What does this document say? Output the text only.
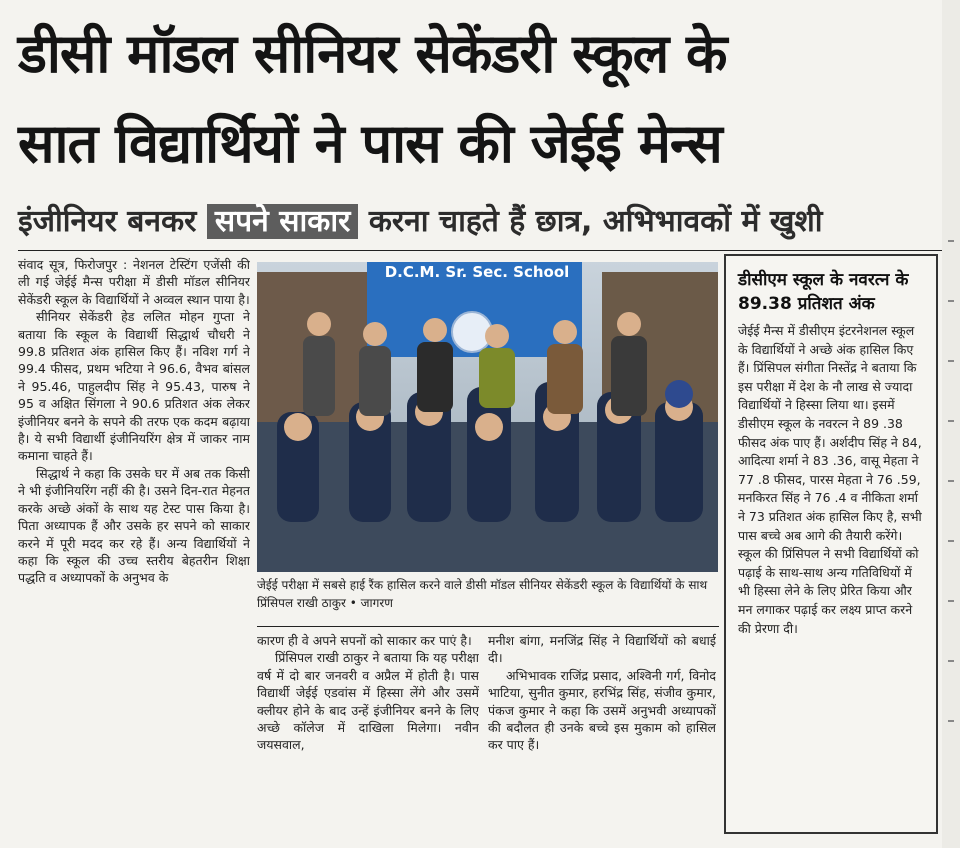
डीसी मॉडल सीनियर सेकेंडरी स्कूल के
सात विद्यार्थियों ने पास की जेईई मेन्स
इंजीनियर बनकर सपने साकार करना चाहते हैं छात्र, अभिभावकों में खुशी

संवाद सूत्र, फिरोजपुर : नेशनल टेस्टिंग एजेंसी की ली गई जेईई मैन्स परीक्षा में डीसी मॉडल सीनियर सेकेंडरी स्कूल के विद्यार्थियों ने अव्वल स्थान पाया है।

सीनियर सेकेंडरी हेड ललित मोहन गुप्ता ने बताया कि स्कूल के विद्यार्थी सिद्धार्थ चौधरी ने 99.8 प्रतिशत अंक हासिल किए हैं। नविश गर्ग ने 99.4 फीसद, प्रथम भटिया ने 96.6, वैभव बांसल ने 95.46, पाहुलदीप सिंह ने 95.43, पारुष ने 95 व अक्षित सिंगला ने 90.6 प्रतिशत अंक लेकर इंजीनियर बनने के सपने की तरफ एक कदम बढ़ाया है। ये सभी विद्यार्थी इंजीनियरिंग क्षेत्र में जाकर नाम कमाना चाहते हैं।

सिद्धार्थ ने कहा कि उसके घर में अब तक किसी ने भी इंजीनियरिंग नहीं की है। उसने दिन-रात मेहनत करके अच्छे अंकों के साथ यह टेस्ट पास किया है। पिता अध्यापक हैं और उसके हर सपने को साकार करने में पूरी मदद कर रहे हैं। अन्य विद्यार्थियों ने कहा कि स्कूल की उच्च स्तरीय बेहतरीन शिक्षा पद्धति व अध्यापकों के अनुभव के

D.C.M. Sr. Sec. School
जेईई परीक्षा में सबसे हाई रैंक हासिल करने वाले डीसी मॉडल सीनियर सेकेंडरी स्कूल के विद्यार्थियों के साथ प्रिंसिपल राखी ठाकुर • जागरण

कारण ही वे अपने सपनों को साकार कर पाएं है।

प्रिंसिपल राखी ठाकुर ने बताया कि यह परीक्षा वर्ष में दो बार जनवरी व अप्रैल में होती है। पास विद्यार्थी जेईई एडवांस में हिस्सा लेंगे और उसमें क्लीयर होने के बाद उन्हें इंजीनियर बनने के लिए अच्छे कॉलेज में दाखिला मिलेगा। नवीन जयसवाल,

मनीश बांगा, मनजिंद्र सिंह ने विद्यार्थियों को बधाई दी।

अभिभावक राजिंद्र प्रसाद, अश्विनी गर्ग, विनोद भाटिया, सुनीत कुमार, हरभिंद्र सिंह, संजीव कुमार, पंकज कुमार ने कहा कि उसमें अनुभवी अध्यापकों की बदौलत ही उनके बच्चे इस मुकाम को हासिल कर पाए हैं।

डीसीएम स्कूल के नवरत्न के 89.38 प्रतिशत अंक
जेईई मैन्स में डीसीएम इंटरनेशनल स्कूल के विद्यार्थियों ने अच्छे अंक हासिल किए हैं। प्रिंसिपल संगीता निस्तेंद्र ने बताया कि इस परीक्षा में देश के नौ लाख से ज्यादा विद्यार्थियों ने हिस्सा लिया था। इसमें डीसीएम स्कूल के नवरत्न ने 89 .38 फीसद अंक पाए हैं। अर्शदीप सिंह ने 84, आदित्या शर्मा ने 83 .36, वासू मेहता ने 77 .8 फीसद, पारस मेहता ने 76 .59, मनकिरत सिंह ने 76 .4 व नीकिता शर्मा ने 73 प्रतिशत अंक हासिल किए है, सभी पास बच्चे अब आगे की तैयारी करेंगे। स्कूल की प्रिंसिपल ने सभी विद्यार्थियों को पढ़ाई के साथ-साथ अन्य गतिविधियों में भी हिस्सा लेने के लिए प्रेरित किया और मन लगाकर पढ़ाई कर लक्ष्य प्राप्त करने की प्रेरणा दी।
